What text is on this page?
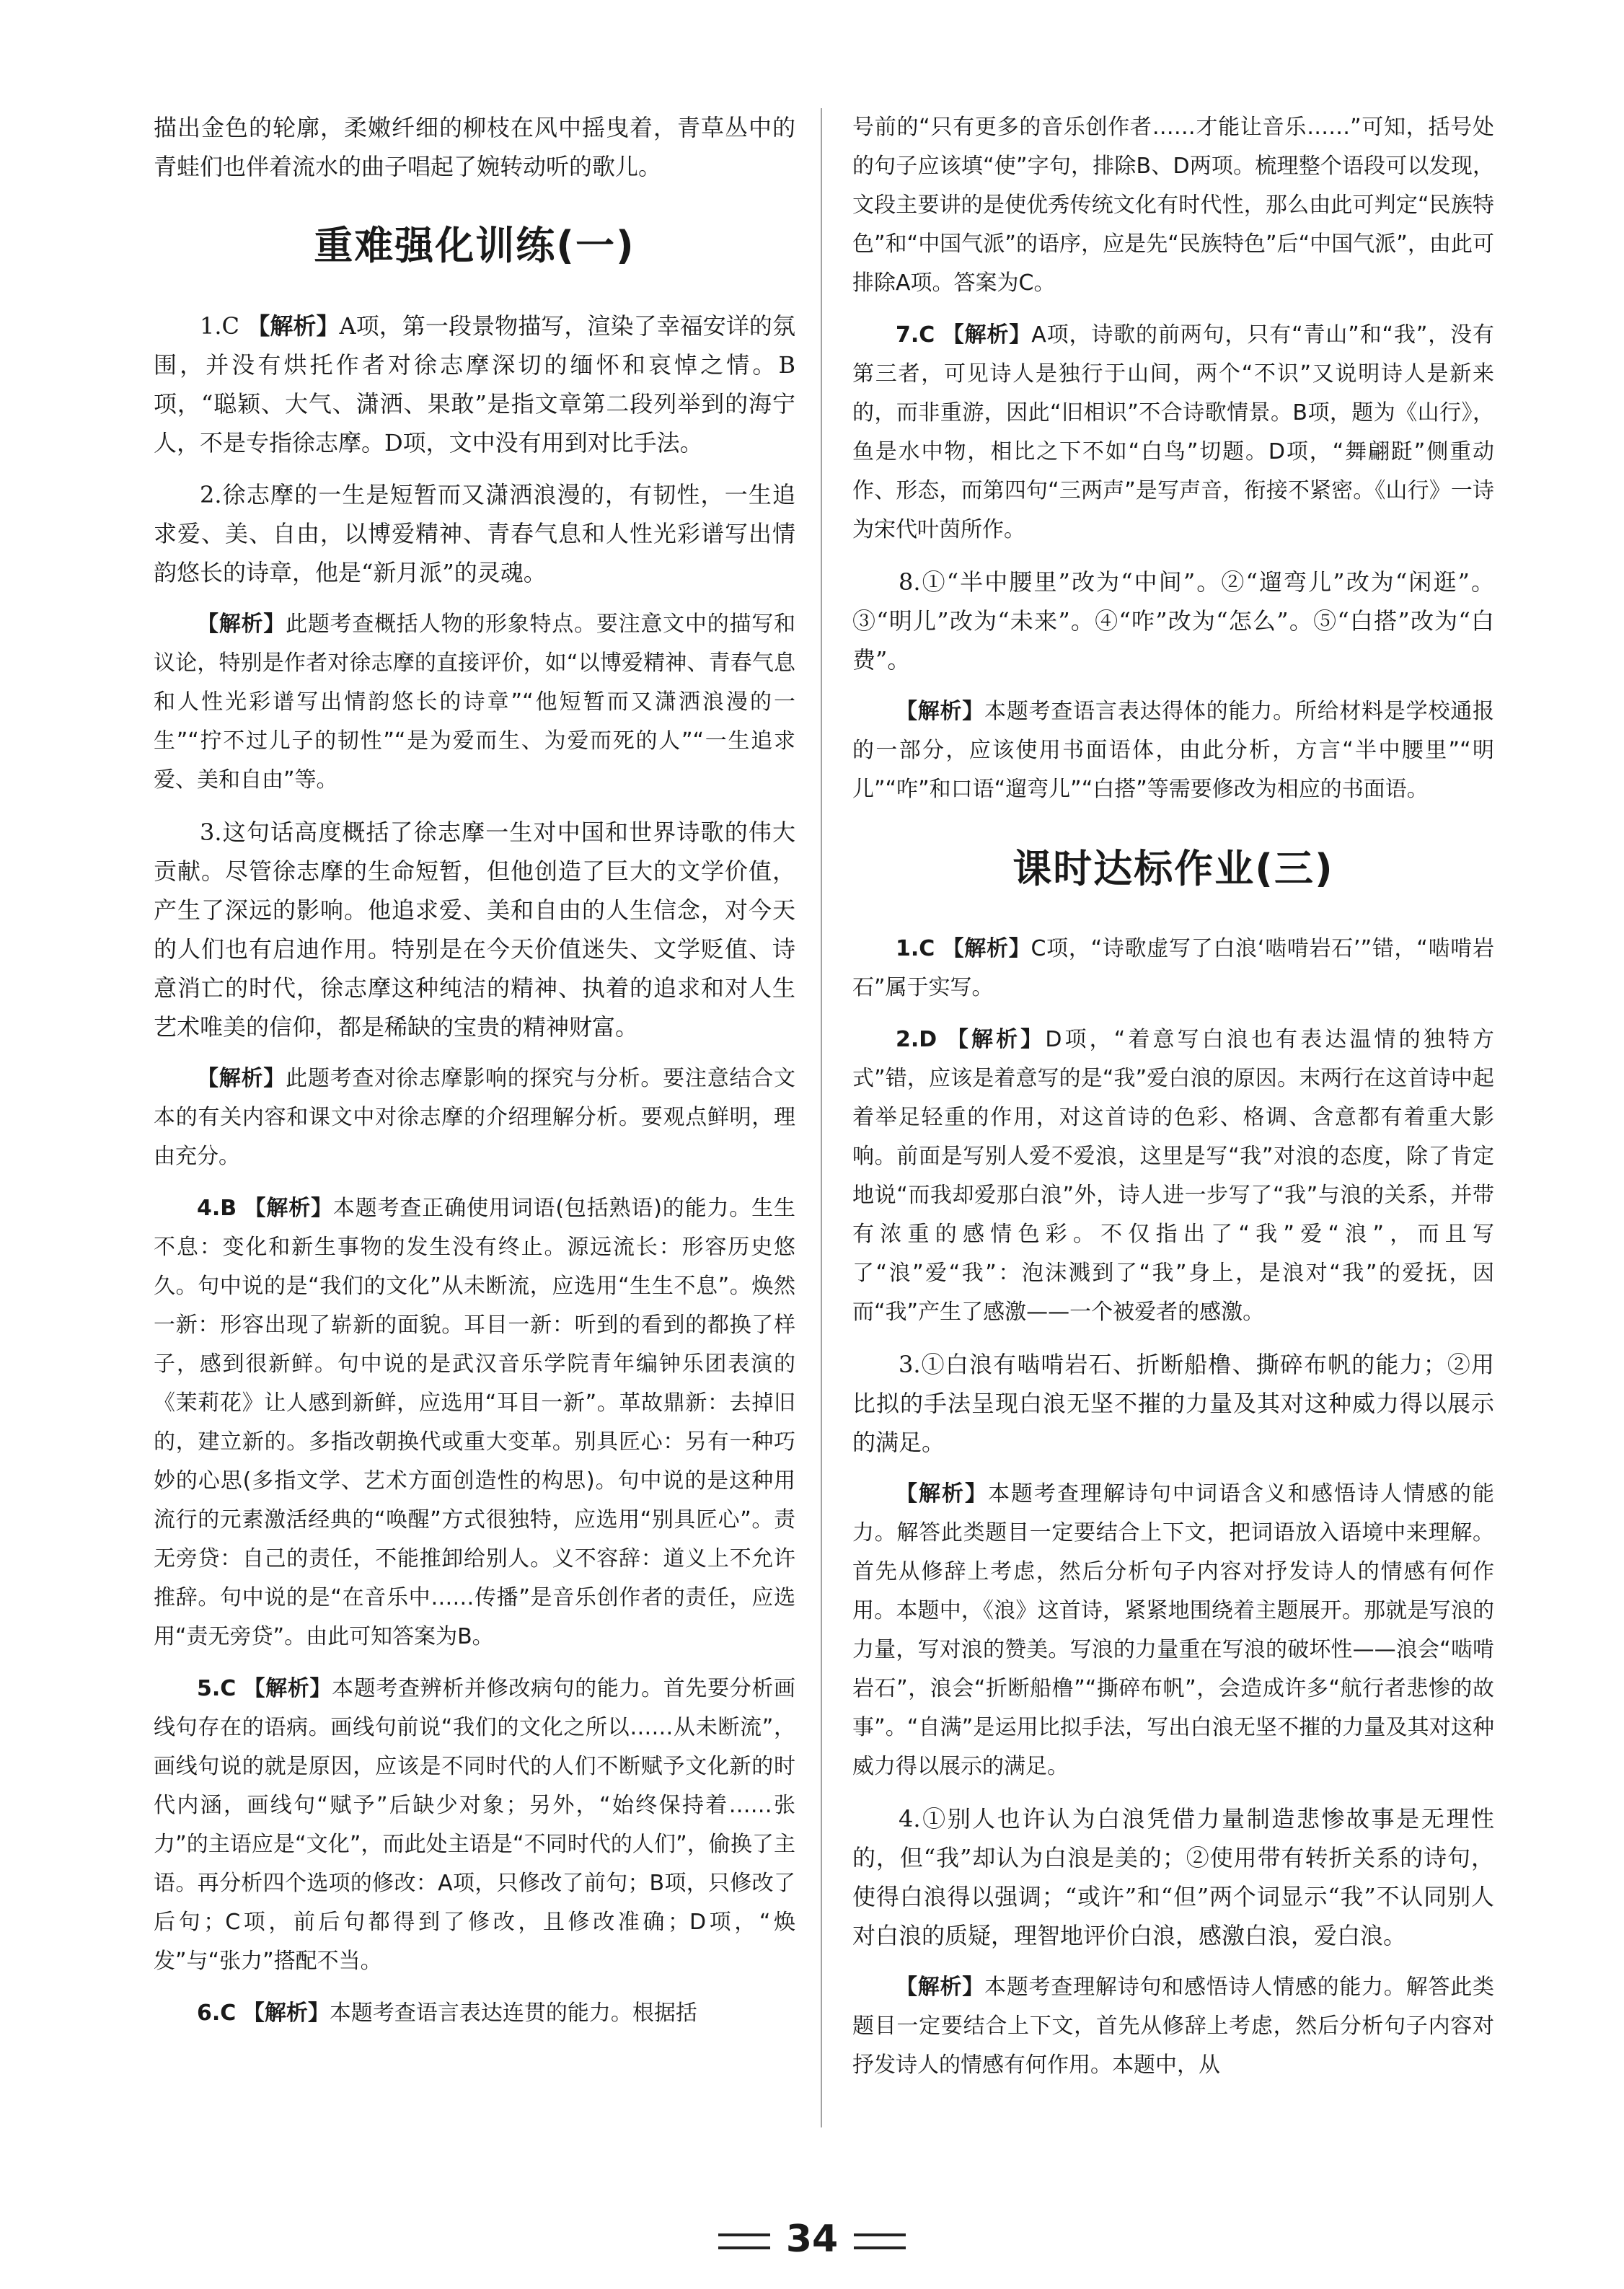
描出金色的轮廓，柔嫩纤细的柳枝在风中摇曳着，青草丛中的青蛙们也伴着流水的曲子唱起了婉转动听的歌儿。

重难强化训练(一)

1.C 【解析】A项，第一段景物描写，渲染了幸福安详的氛围，并没有烘托作者对徐志摩深切的缅怀和哀悼之情。B项，“聪颖、大气、潇洒、果敢”是指文章第二段列举到的海宁人，不是专指徐志摩。D项，文中没有用到对比手法。

2.徐志摩的一生是短暂而又潇洒浪漫的，有韧性，一生追求爱、美、自由，以博爱精神、青春气息和人性光彩谱写出情韵悠长的诗章，他是“新月派”的灵魂。

【解析】此题考查概括人物的形象特点。要注意文中的描写和议论，特别是作者对徐志摩的直接评价，如“以博爱精神、青春气息和人性光彩谱写出情韵悠长的诗章”“他短暂而又潇洒浪漫的一生”“拧不过儿子的韧性”“是为爱而生、为爱而死的人”“一生追求爱、美和自由”等。

3.这句话高度概括了徐志摩一生对中国和世界诗歌的伟大贡献。尽管徐志摩的生命短暂，但他创造了巨大的文学价值，产生了深远的影响。他追求爱、美和自由的人生信念，对今天的人们也有启迪作用。特别是在今天价值迷失、文学贬值、诗意消亡的时代，徐志摩这种纯洁的精神、执着的追求和对人生艺术唯美的信仰，都是稀缺的宝贵的精神财富。

【解析】此题考查对徐志摩影响的探究与分析。要注意结合文本的有关内容和课文中对徐志摩的介绍理解分析。要观点鲜明，理由充分。

4.B 【解析】本题考查正确使用词语(包括熟语)的能力。生生不息：变化和新生事物的发生没有终止。源远流长：形容历史悠久。句中说的是“我们的文化”从未断流，应选用“生生不息”。焕然一新：形容出现了崭新的面貌。耳目一新：听到的看到的都换了样子，感到很新鲜。句中说的是武汉音乐学院青年编钟乐团表演的《茉莉花》让人感到新鲜，应选用“耳目一新”。革故鼎新：去掉旧的，建立新的。多指改朝换代或重大变革。别具匠心：另有一种巧妙的心思(多指文学、艺术方面创造性的构思)。句中说的是这种用流行的元素激活经典的“唤醒”方式很独特，应选用“别具匠心”。责无旁贷：自己的责任，不能推卸给别人。义不容辞：道义上不允许推辞。句中说的是“在音乐中……传播”是音乐创作者的责任，应选用“责无旁贷”。由此可知答案为B。

5.C 【解析】本题考查辨析并修改病句的能力。首先要分析画线句存在的语病。画线句前说“我们的文化之所以……从未断流”，画线句说的就是原因，应该是不同时代的人们不断赋予文化新的时代内涵，画线句“赋予”后缺少对象；另外，“始终保持着……张力”的主语应是“文化”，而此处主语是“不同时代的人们”，偷换了主语。再分析四个选项的修改：A项，只修改了前句；B项，只修改了后句；C项，前后句都得到了修改，且修改准确；D项，“焕发”与“张力”搭配不当。

6.C 【解析】本题考查语言表达连贯的能力。根据括

号前的“只有更多的音乐创作者……才能让音乐……”可知，括号处的句子应该填“使”字句，排除B、D两项。梳理整个语段可以发现，文段主要讲的是使优秀传统文化有时代性，那么由此可判定“民族特色”和“中国气派”的语序，应是先“民族特色”后“中国气派”，由此可排除A项。答案为C。

7.C 【解析】A项，诗歌的前两句，只有“青山”和“我”，没有第三者，可见诗人是独行于山间，两个“不识”又说明诗人是新来的，而非重游，因此“旧相识”不合诗歌情景。B项，题为《山行》，鱼是水中物，相比之下不如“白鸟”切题。D项，“舞翩跹”侧重动作、形态，而第四句“三两声”是写声音，衔接不紧密。《山行》一诗为宋代叶茵所作。

8.①“半中腰里”改为“中间”。②“遛弯儿”改为“闲逛”。③“明儿”改为“未来”。④“咋”改为“怎么”。⑤“白搭”改为“白费”。

【解析】本题考查语言表达得体的能力。所给材料是学校通报的一部分，应该使用书面语体，由此分析，方言“半中腰里”“明儿”“咋”和口语“遛弯儿”“白搭”等需要修改为相应的书面语。

课时达标作业(三)

1.C 【解析】C项，“诗歌虚写了白浪‘啮啃岩石’”错，“啮啃岩石”属于实写。

2.D 【解析】D项，“着意写白浪也有表达温情的独特方式”错，应该是着意写的是“我”爱白浪的原因。末两行在这首诗中起着举足轻重的作用，对这首诗的色彩、格调、含意都有着重大影响。前面是写别人爱不爱浪，这里是写“我”对浪的态度，除了肯定地说“而我却爱那白浪”外，诗人进一步写了“我”与浪的关系，并带有浓重的感情色彩。不仅指出了“我”爱“浪”，而且写了“浪”爱“我”：泡沫溅到了“我”身上，是浪对“我”的爱抚，因而“我”产生了感激——一个被爱者的感激。

3.①白浪有啮啃岩石、折断船橹、撕碎布帆的能力；②用比拟的手法呈现白浪无坚不摧的力量及其对这种威力得以展示的满足。

【解析】本题考查理解诗句中词语含义和感悟诗人情感的能力。解答此类题目一定要结合上下文，把词语放入语境中来理解。首先从修辞上考虑，然后分析句子内容对抒发诗人的情感有何作用。本题中，《浪》这首诗，紧紧地围绕着主题展开。那就是写浪的力量，写对浪的赞美。写浪的力量重在写浪的破坏性——浪会“啮啃岩石”，浪会“折断船橹”“撕碎布帆”，会造成许多“航行者悲惨的故事”。“自满”是运用比拟手法，写出白浪无坚不摧的力量及其对这种威力得以展示的满足。

4.①别人也许认为白浪凭借力量制造悲惨故事是无理性的，但“我”却认为白浪是美的；②使用带有转折关系的诗句，使得白浪得以强调；“或许”和“但”两个词显示“我”不认同别人对白浪的质疑，理智地评价白浪，感激白浪，爱白浪。

【解析】本题考查理解诗句和感悟诗人情感的能力。解答此类题目一定要结合上下文，首先从修辞上考虑，然后分析句子内容对抒发诗人的情感有何作用。本题中，从

34
